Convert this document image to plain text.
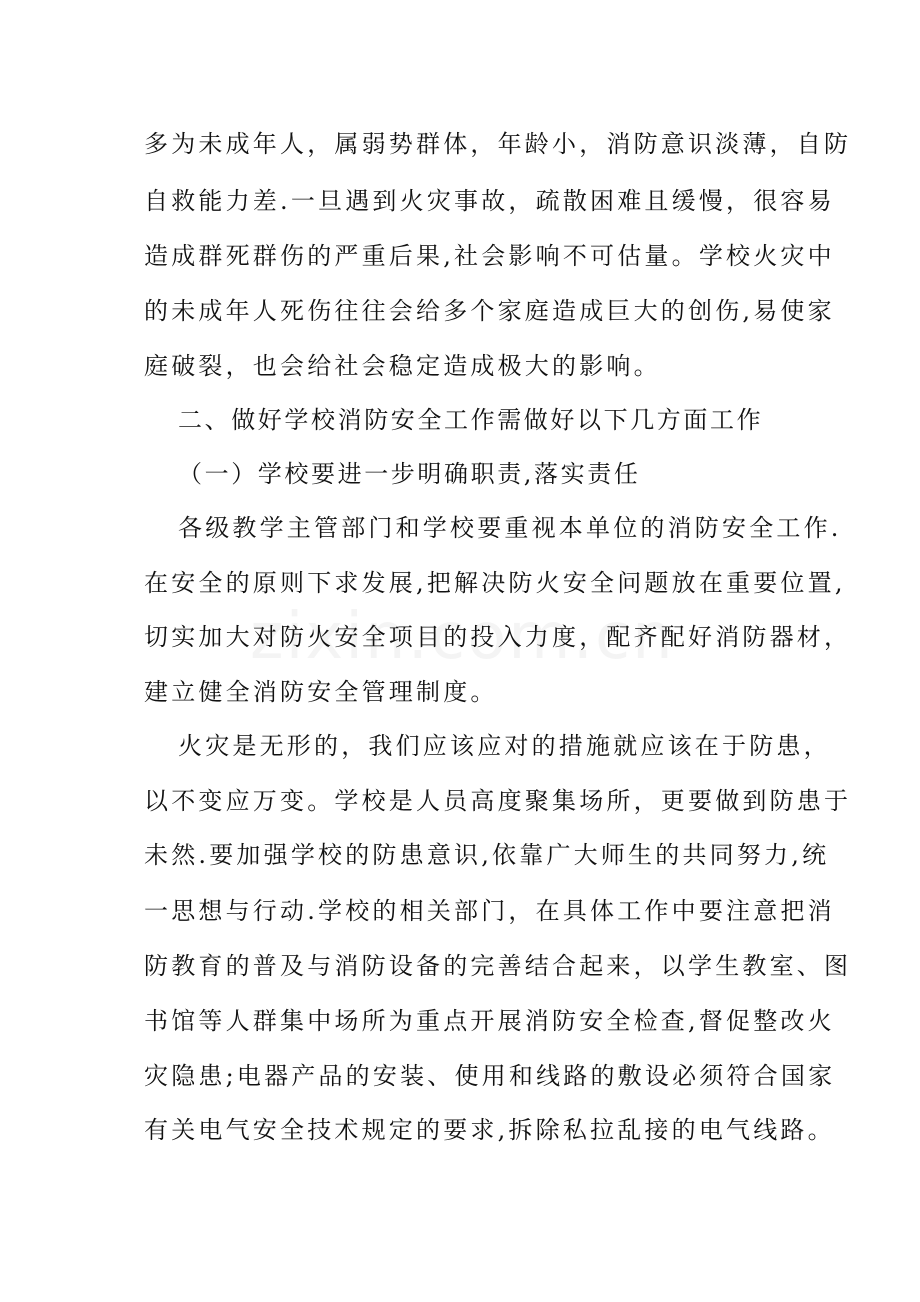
多为未成年人，属弱势群体，年龄小，消防意识淡薄，自防
自救能力差.一旦遇到火灾事故，疏散困难且缓慢，很容易
造成群死群伤的严重后果,社会影响不可估量。学校火灾中
的未成年人死伤往往会给多个家庭造成巨大的创伤,易使家
庭破裂，也会给社会稳定造成极大的影响。
二、做好学校消防安全工作需做好以下几方面工作
（一）学校要进一步明确职责,落实责任
各级教学主管部门和学校要重视本单位的消防安全工作.
在安全的原则下求发展,把解决防火安全问题放在重要位置,
切实加大对防火安全项目的投入力度，配齐配好消防器材，
建立健全消防安全管理制度。
火灾是无形的，我们应该应对的措施就应该在于防患，
以不变应万变。学校是人员高度聚集场所，更要做到防患于
未然.要加强学校的防患意识,依靠广大师生的共同努力,统
一思想与行动.学校的相关部门，在具体工作中要注意把消
防教育的普及与消防设备的完善结合起来，以学生教室、图
书馆等人群集中场所为重点开展消防安全检查,督促整改火
灾隐患;电器产品的安装、使用和线路的敷设必须符合国家
有关电气安全技术规定的要求,拆除私拉乱接的电气线路。
